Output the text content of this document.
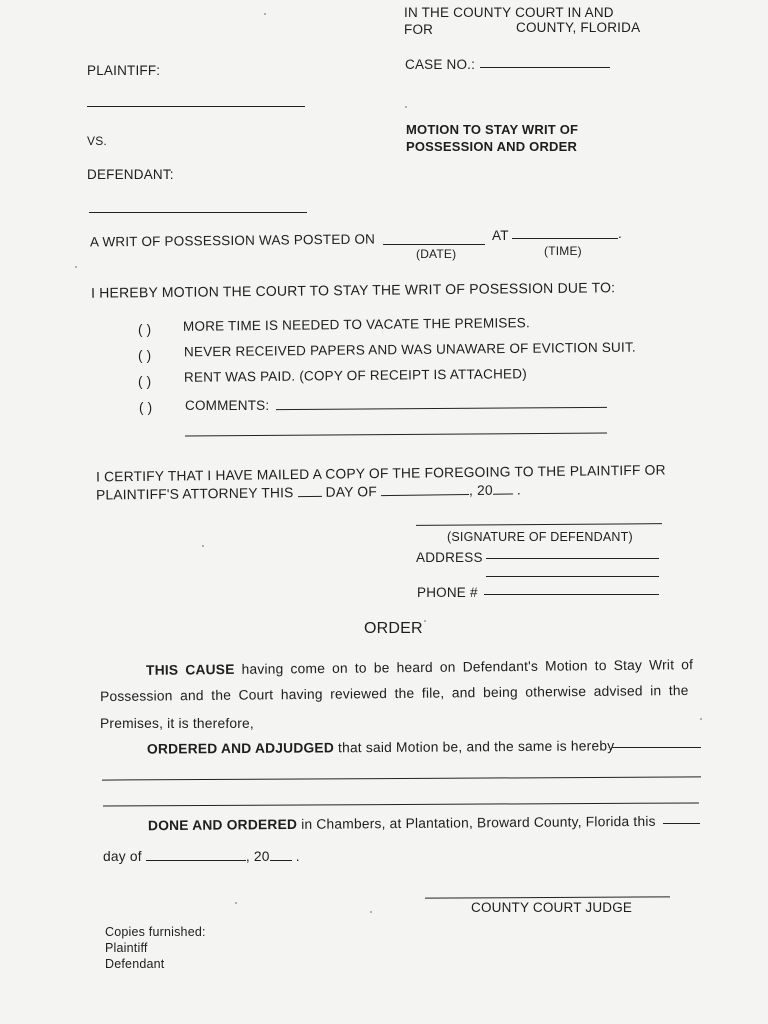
IN THE COUNTY COURT IN AND
FOR	COUNTY, FLORIDA
CASE NO.:
PLAINTIFF:
VS.
DEFENDANT:
MOTION TO STAY WRIT OF
POSSESSION AND ORDER
A WRIT OF POSSESSION WAS POSTED ON	AT	.
(DATE)	(TIME)
I HEREBY MOTION THE COURT TO STAY THE WRIT OF POSESSION DUE TO:
( ) MORE TIME IS NEEDED TO VACATE THE PREMISES.
( ) NEVER RECEIVED PAPERS AND WAS UNAWARE OF EVICTION SUIT.
( ) RENT WAS PAID. (COPY OF RECEIPT IS ATTACHED)
( ) COMMENTS:
I CERTIFY THAT I HAVE MAILED A COPY OF THE FOREGOING TO THE PLAINTIFF OR
PLAINTIFF'S ATTORNEY THIS DAY OF	, 20 .
(SIGNATURE OF DEFENDANT)
ADDRESS
PHONE #
ORDER
THIS CAUSE having come on to be heard on Defendant's Motion to Stay Writ of
Possession and the Court having reviewed the file, and being otherwise advised in the
Premises, it is therefore,
ORDERED AND ADJUDGED that said Motion be, and the same is hereby
DONE AND ORDERED in Chambers, at Plantation, Broward County, Florida this
day of	, 20 .
COUNTY COURT JUDGE
Copies furnished:
Plaintiff
Defendant
